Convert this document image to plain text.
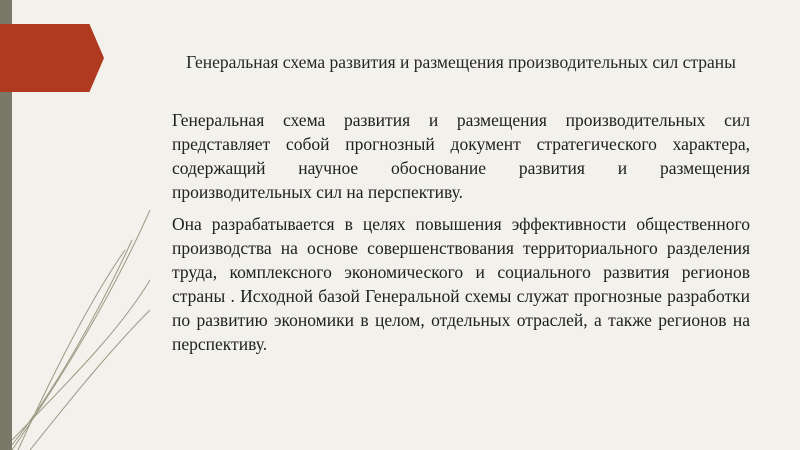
Генеральная схема развития и размещения производительных сил страны

Генеральная схема развития и размещения производительных сил представляет собой прогнозный документ стратегического характера, содержащий научное обоснование развития и размещения производительных сил на перспективу.

Она разрабатывается в целях повышения эффективности общественного производства на основе совершенствования территориального разделения труда, комплексного экономического и социального развития регионов страны . Исходной базой Генеральной схемы служат прогнозные разработки по развитию экономики в целом, отдельных отраслей, а также регионов на перспективу.
